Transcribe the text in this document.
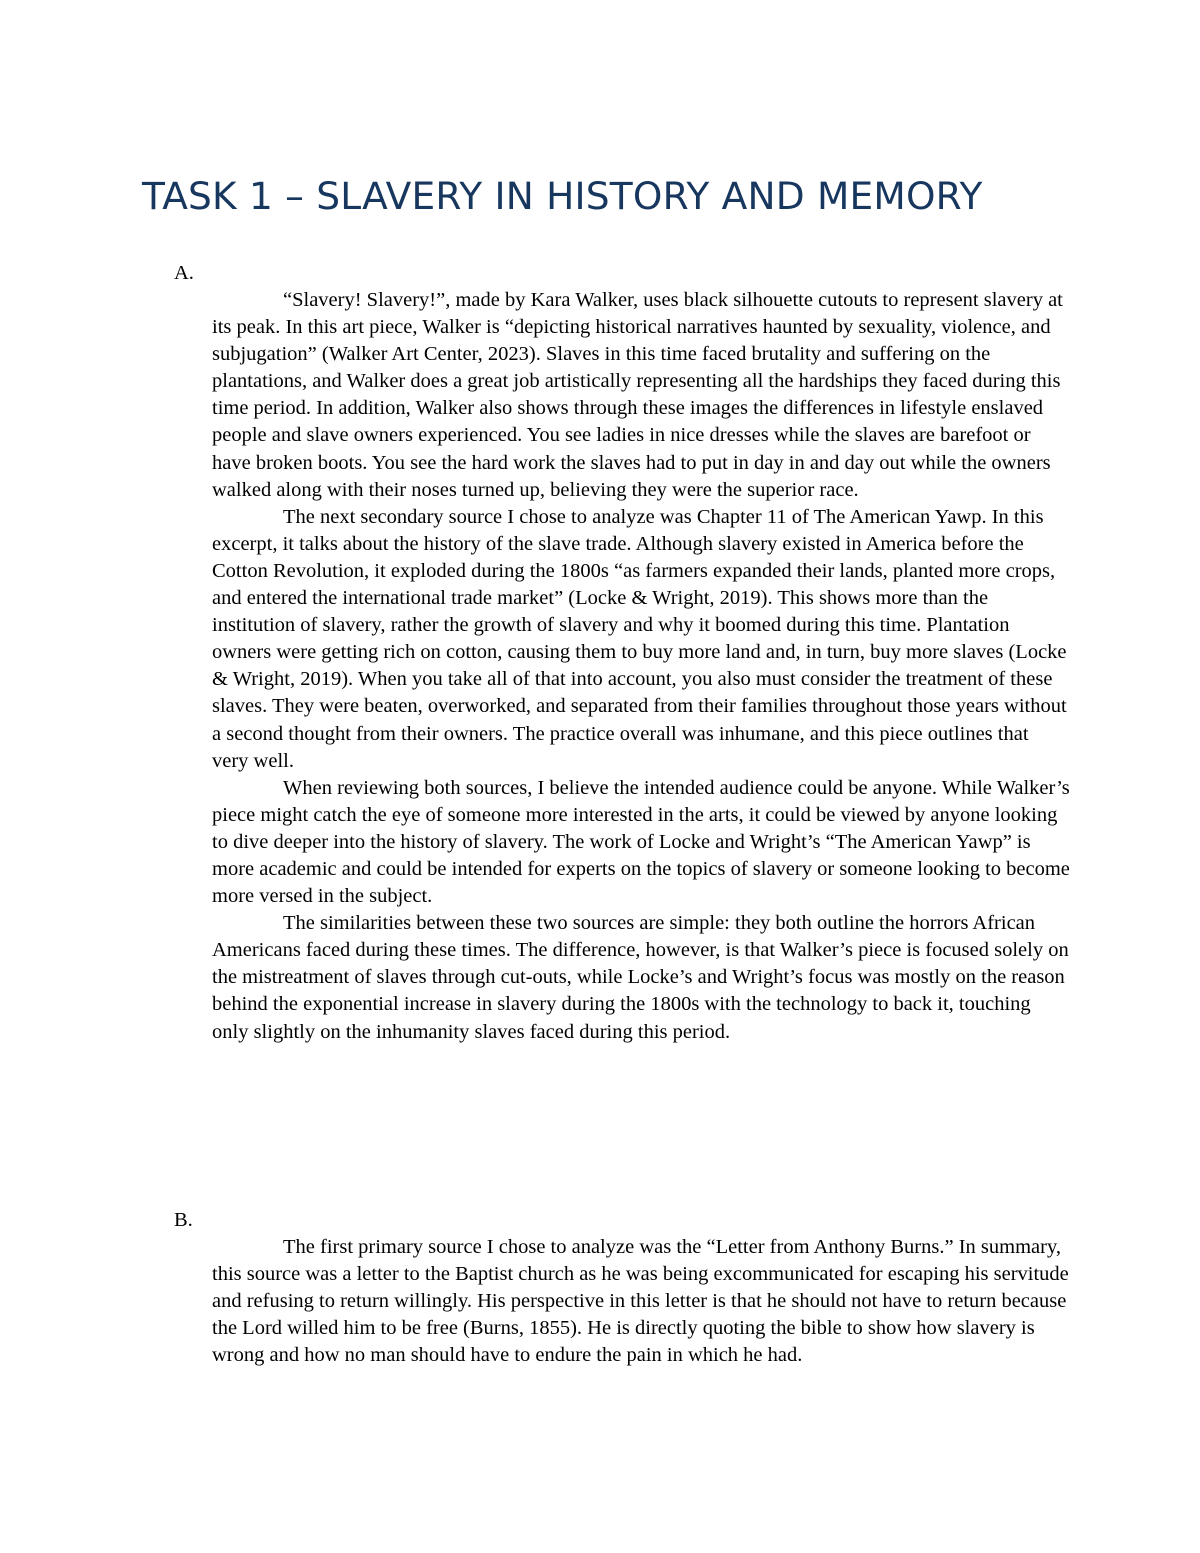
TASK 1 – SLAVERY IN HISTORY AND MEMORY
A.

“Slavery! Slavery!”, made by Kara Walker, uses black silhouette cutouts to represent slavery at its peak. In this art piece, Walker is “depicting historical narratives haunted by sexuality, violence, and subjugation” (Walker Art Center, 2023). Slaves in this time faced brutality and suffering on the plantations, and Walker does a great job artistically representing all the hardships they faced during this time period. In addition, Walker also shows through these images the differences in lifestyle enslaved people and slave owners experienced. You see ladies in nice dresses while the slaves are barefoot or have broken boots. You see the hard work the slaves had to put in day in and day out while the owners walked along with their noses turned up, believing they were the superior race.

The next secondary source I chose to analyze was Chapter 11 of The American Yawp. In this excerpt, it talks about the history of the slave trade. Although slavery existed in America before the Cotton Revolution, it exploded during the 1800s “as farmers expanded their lands, planted more crops, and entered the international trade market” (Locke & Wright, 2019). This shows more than the institution of slavery, rather the growth of slavery and why it boomed during this time. Plantation owners were getting rich on cotton, causing them to buy more land and, in turn, buy more slaves (Locke & Wright, 2019). When you take all of that into account, you also must consider the treatment of these slaves. They were beaten, overworked, and separated from their families throughout those years without a second thought from their owners. The practice overall was inhumane, and this piece outlines that very well.

When reviewing both sources, I believe the intended audience could be anyone. While Walker’s piece might catch the eye of someone more interested in the arts, it could be viewed by anyone looking to dive deeper into the history of slavery. The work of Locke and Wright’s “The American Yawp” is more academic and could be intended for experts on the topics of slavery or someone looking to become more versed in the subject.

The similarities between these two sources are simple: they both outline the horrors African Americans faced during these times. The difference, however, is that Walker’s piece is focused solely on the mistreatment of slaves through cut-outs, while Locke’s and Wright’s focus was mostly on the reason behind the exponential increase in slavery during the 1800s with the technology to back it, touching only slightly on the inhumanity slaves faced during this period.

B.

The first primary source I chose to analyze was the “Letter from Anthony Burns.” In summary, this source was a letter to the Baptist church as he was being excommunicated for escaping his servitude and refusing to return willingly. His perspective in this letter is that he should not have to return because the Lord willed him to be free (Burns, 1855). He is directly quoting the bible to show how slavery is wrong and how no man should have to endure the pain in which he had.
